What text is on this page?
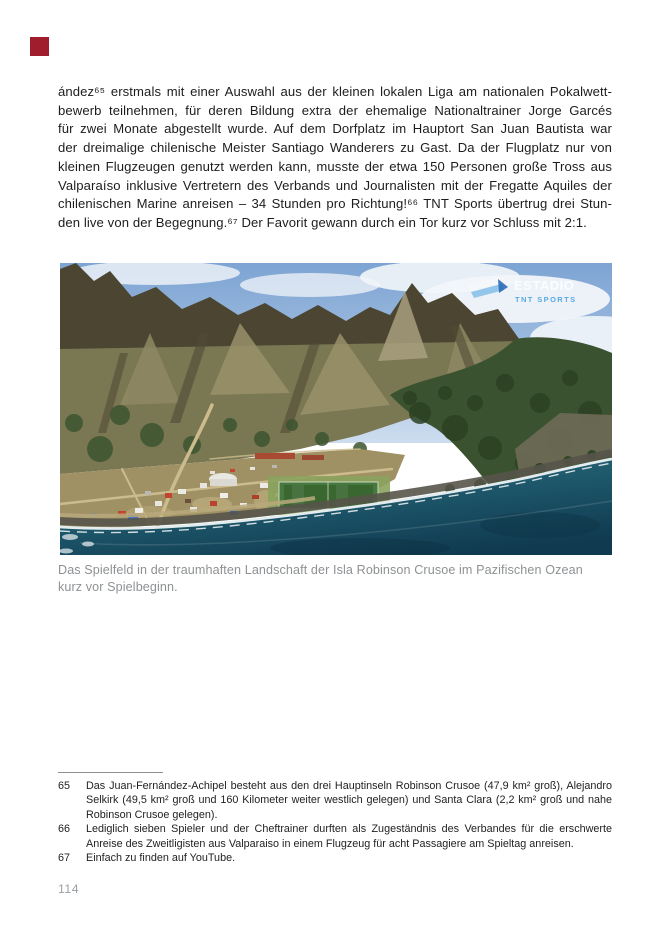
ández⁶⁵ erstmals mit einer Auswahl aus der kleinen lokalen Liga am nationalen Pokalwett-
bewerb teilnehmen, für deren Bildung extra der ehemalige Nationaltrainer Jorge Garcés
für zwei Monate abgestellt wurde. Auf dem Dorfplatz im Hauptort San Juan Bautista war
der dreimalige chilenische Meister Santiago Wanderers zu Gast. Da der Flugplatz nur von
kleinen Flugzeugen genutzt werden kann, musste der etwa 150 Personen große Tross aus
Valparaíso inklusive Vertretern des Verbands und Journalisten mit der Fregatte Aquiles der
chilenischen Marine anreisen – 34 Stunden pro Richtung!⁶⁶ TNT Sports übertrug drei Stun-
den live von der Begegnung.⁶⁷ Der Favorit gewann durch ein Tor kurz vor Schluss mit 2:1.
ESTADIO
TNT SPORTS
Das Spielfeld in der traumhaften Landschaft der Isla Robinson Crusoe im Pazifischen Ozean
kurz vor Spielbeginn.
65	Das Juan-Fernández-Achipel besteht aus den drei Hauptinseln Robinson Crusoe (47,9 km² groß), Alejandro Selkirk (49,5 km² groß und 160 Kilometer weiter westlich gelegen) und Santa Clara (2,2 km² groß und nahe Robinson Crusoe gelegen).
66	Lediglich sieben Spieler und der Cheftrainer durften als Zugeständnis des Verbandes für die erschwerte Anreise des Zweitligisten aus Valparaiso in einem Flugzeug für acht Passagiere am Spieltag anreisen.
67	Einfach zu finden auf YouTube.
114
